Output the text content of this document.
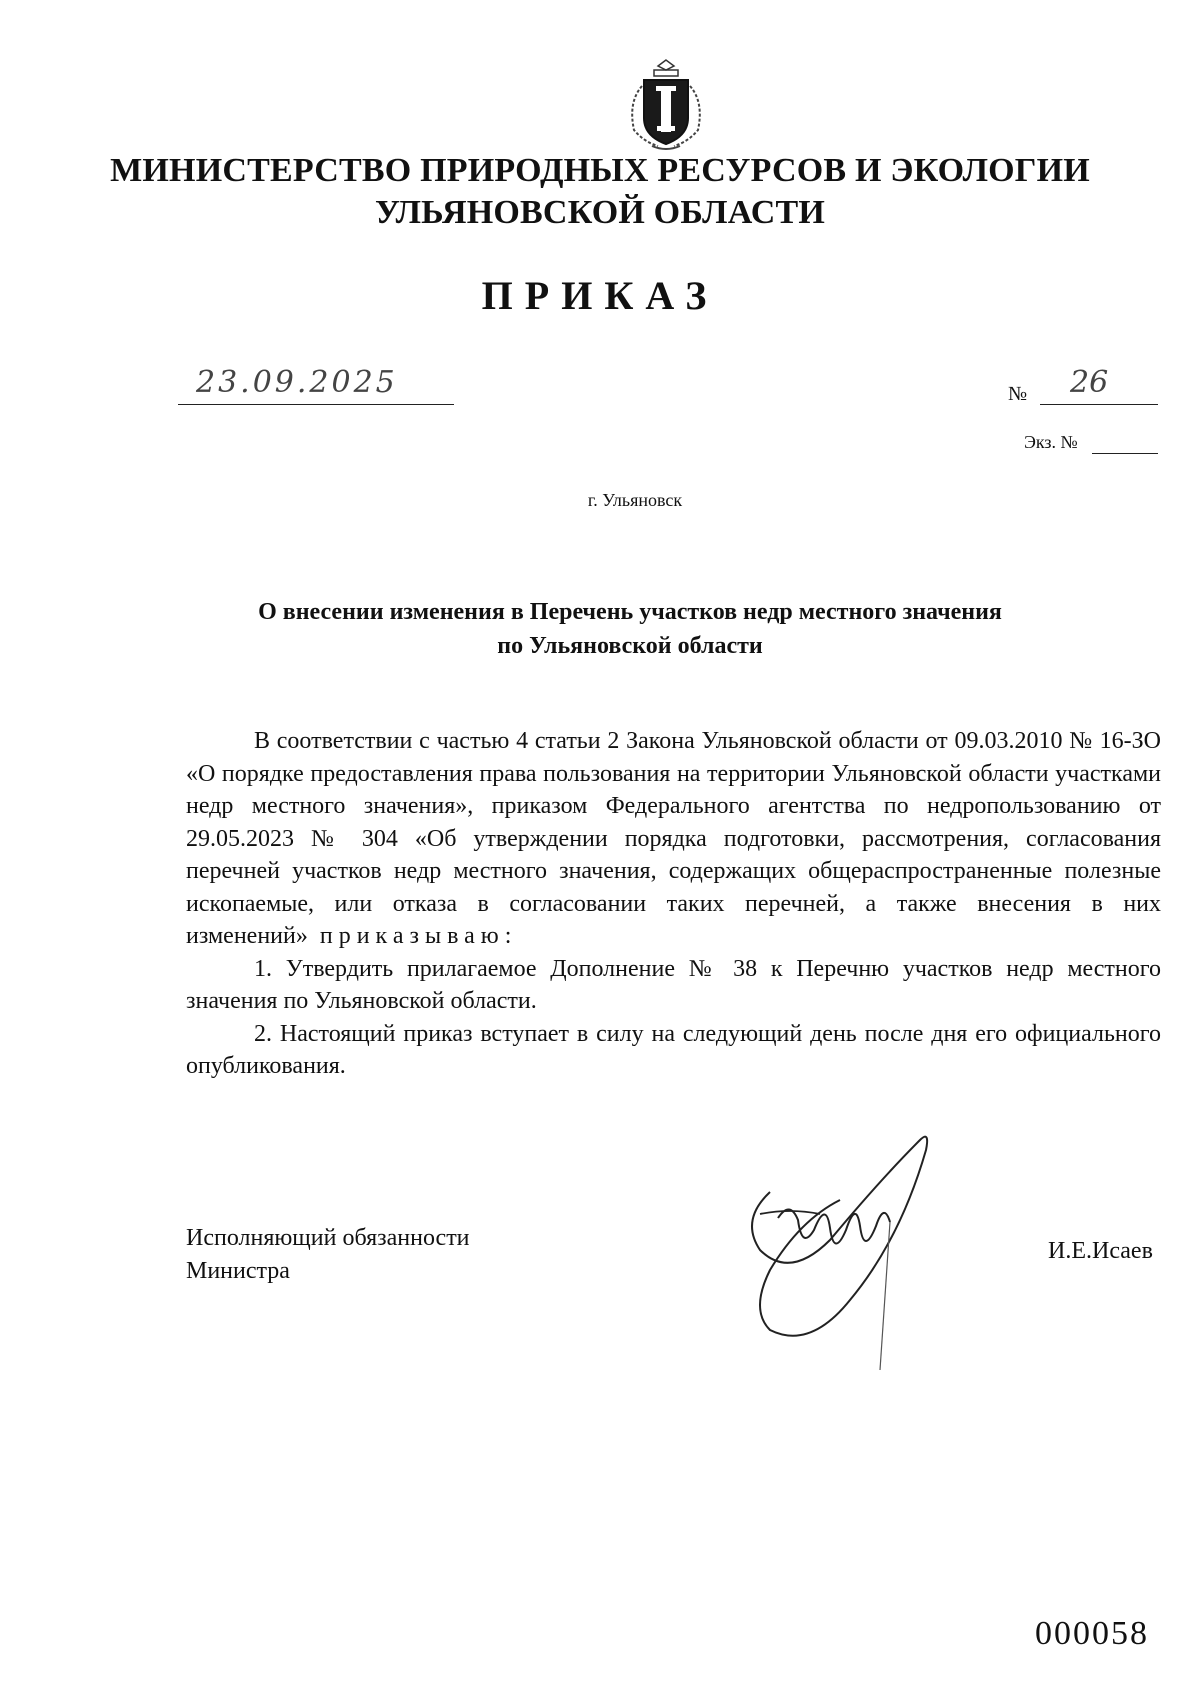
МИНИСТЕРСТВО ПРИРОДНЫХ РЕСУРСОВ И ЭКОЛОГИИ
УЛЬЯНОВСКОЙ ОБЛАСТИ
ПРИКАЗ
23.09.2025	№ 26
Экз. №
г. Ульяновск
О внесении изменения в Перечень участков недр местного значения
по Ульяновской области

В соответствии с частью 4 статьи 2 Закона Ульяновской области от 09.03.2010 № 16-ЗО «О порядке предоставления права пользования на территории Ульяновской области участками недр местного значения», приказом Федерального агентства по недропользованию от 29.05.2023 № 304 «Об утверждении порядка подготовки, рассмотрения, согласования перечней участков недр местного значения, содержащих общераспространенные полезные ископаемые, или отказа в согласовании таких перечней, а также внесения в них изменений» приказываю:

1. Утвердить прилагаемое Дополнение № 38 к Перечню участков недр местного значения по Ульяновской области.

2. Настоящий приказ вступает в силу на следующий день после дня его официального опубликования.

Исполняющий обязанности
Министра
И.Е.Исаев
000058
